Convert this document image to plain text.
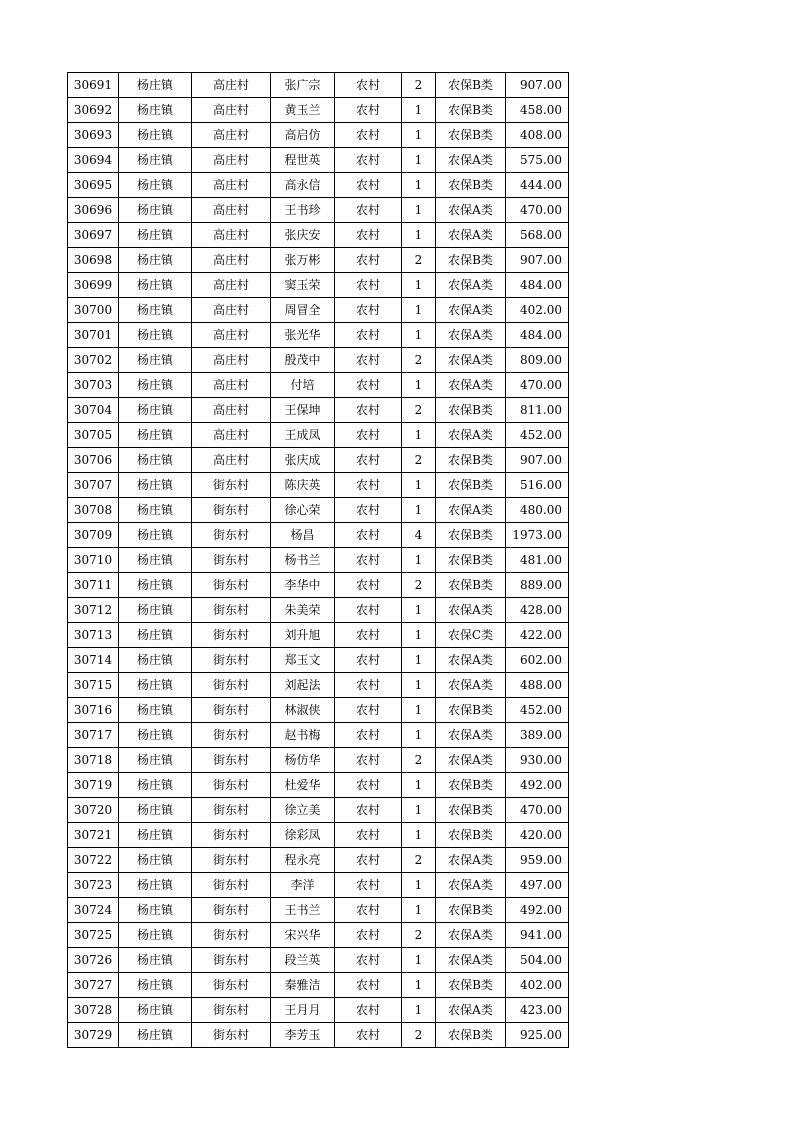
30691	杨庄镇	高庄村	张广宗	农村	2	农保B类	907.00
30692	杨庄镇	高庄村	黄玉兰	农村	1	农保B类	458.00
30693	杨庄镇	高庄村	高启仿	农村	1	农保B类	408.00
30694	杨庄镇	高庄村	程世英	农村	1	农保A类	575.00
30695	杨庄镇	高庄村	高永信	农村	1	农保B类	444.00
30696	杨庄镇	高庄村	王书珍	农村	1	农保A类	470.00
30697	杨庄镇	高庄村	张庆安	农村	1	农保A类	568.00
30698	杨庄镇	高庄村	张万彬	农村	2	农保B类	907.00
30699	杨庄镇	高庄村	窦玉荣	农村	1	农保A类	484.00
30700	杨庄镇	高庄村	周冒全	农村	1	农保A类	402.00
30701	杨庄镇	高庄村	张光华	农村	1	农保A类	484.00
30702	杨庄镇	高庄村	殷茂中	农村	2	农保A类	809.00
30703	杨庄镇	高庄村	付培	农村	1	农保A类	470.00
30704	杨庄镇	高庄村	王保坤	农村	2	农保B类	811.00
30705	杨庄镇	高庄村	王成凤	农村	1	农保A类	452.00
30706	杨庄镇	高庄村	张庆成	农村	2	农保B类	907.00
30707	杨庄镇	街东村	陈庆英	农村	1	农保B类	516.00
30708	杨庄镇	街东村	徐心荣	农村	1	农保A类	480.00
30709	杨庄镇	街东村	杨昌	农村	4	农保B类	1973.00
30710	杨庄镇	街东村	杨书兰	农村	1	农保B类	481.00
30711	杨庄镇	街东村	李华中	农村	2	农保B类	889.00
30712	杨庄镇	街东村	朱美荣	农村	1	农保A类	428.00
30713	杨庄镇	街东村	刘升旭	农村	1	农保C类	422.00
30714	杨庄镇	街东村	郑玉文	农村	1	农保A类	602.00
30715	杨庄镇	街东村	刘起法	农村	1	农保A类	488.00
30716	杨庄镇	街东村	林淑侠	农村	1	农保B类	452.00
30717	杨庄镇	街东村	赵书梅	农村	1	农保A类	389.00
30718	杨庄镇	街东村	杨仿华	农村	2	农保A类	930.00
30719	杨庄镇	街东村	杜爱华	农村	1	农保B类	492.00
30720	杨庄镇	街东村	徐立美	农村	1	农保B类	470.00
30721	杨庄镇	街东村	徐彩凤	农村	1	农保B类	420.00
30722	杨庄镇	街东村	程永亮	农村	2	农保A类	959.00
30723	杨庄镇	街东村	李洋	农村	1	农保A类	497.00
30724	杨庄镇	街东村	王书兰	农村	1	农保B类	492.00
30725	杨庄镇	街东村	宋兴华	农村	2	农保A类	941.00
30726	杨庄镇	街东村	段兰英	农村	1	农保A类	504.00
30727	杨庄镇	街东村	秦雅洁	农村	1	农保B类	402.00
30728	杨庄镇	街东村	王月月	农村	1	农保A类	423.00
30729	杨庄镇	街东村	李芳玉	农村	2	农保B类	925.00
